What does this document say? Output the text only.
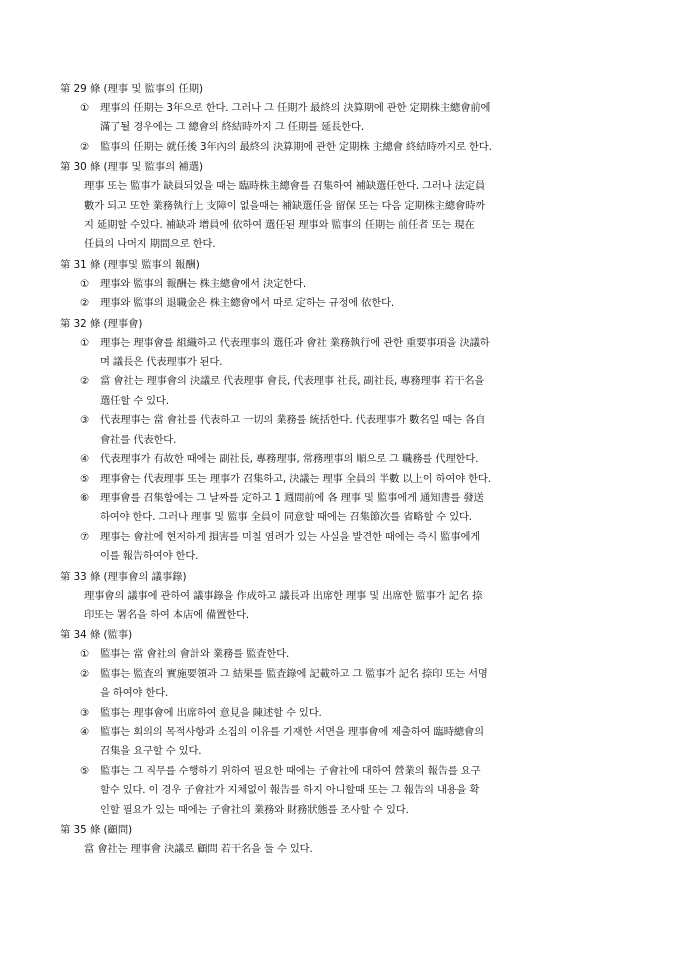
第 29 條 (理事 및 監事의 任期)
①	理事의 任期는 3年으로 한다. 그러나 그 任期가 最終의 決算期에 관한 定期株主總會前에
滿了될 경우에는 그 總會의 終結時까지 그 任期를 延長한다.
②	監事의 任期는 就任後 3年內의 最終의 決算期에 관한 定期株 主總會 終結時까지로 한다.
第 30 條 (理事 및 監事의 補選)
理事 또는 監事가 缺員되었을 때는 臨時株主總會를 召集하여 補缺選任한다. 그러나 法定員
數가 되고 또한 業務執行上 支障이 없을때는 補缺選任을 留保 또는 다음 定期株主總會時까
지 延期할 수있다. 補缺과 增員에 依하여 選任된 理事와 監事의 任期는 前任者 또는 現在
任員의 나머지 期間으로 한다.
第 31 條 (理事및 監事의 報酬)
①	理事와 監事의 報酬는 株主總會에서 決定한다.
②	理事와 監事의 退職金은 株主總會에서 따로 定하는 규정에 依한다.
第 32 條 (理事會)
①	理事는 理事會를 組織하고 代表理事의 選任과 會社 業務執行에 관한 重要事項을 決議하
며 議長은 代表理事가 된다.
②	當 會社는 理事會의 決議로 代表理事 會長, 代表理事 社長, 副社長, 專務理事 若干名을
選任할 수 있다.
③	代表理事는 當 會社를 代表하고 一切의 業務를 統括한다. 代表理事가 數名일 때는 各自
會社를 代表한다.
④	代表理事가 有故한 때에는 副社長, 專務理事, 常務理事의 順으로 그 職務를 代理한다.
⑤	理事會는 代表理事 또는 理事가 召集하고, 決議는 理事 全員의 半數 以上이 하여야 한다.
⑥	理事會를 召集함에는 그 날짜를 定하고 1 週間前에 各 理事 및 監事에게 通知書를 發送
하여야 한다. 그러나 理事 및 監事 全員이 同意할 때에는 召集節次를 省略할 수 있다.
⑦	理事는 會社에 현저하게 損害를 미칠 염려가 있는 사실을 발견한 때에는 즉시 監事에게
이를 報告하여야 한다.
第 33 條 (理事會의 議事錄)
理事會의 議事에 관하여 議事錄을 作成하고 議長과 出席한 理事 및 出席한 監事가 記名 捺
印또는 署名을 하여 本店에 備置한다.
第 34 條 (監事)
①	監事는 當 會社의 會計와 業務를 監査한다.
②	監事는 監査의 實施要領과 그 結果를 監査錄에 記載하고 그 監事가 記名 捺印 또는 서명
을 하여야 한다.
③	監事는 理事會에 出席하여 意見을 陳述할 수 있다.
④	監事는 회의의 목적사항과 소집의 이유를 기재한 서면을 理事會에 제출하여 臨時總會의
召集을 요구할 수 있다.
⑤	監事는 그 직무를 수행하기 위하여 필요한 때에는 子會社에 대하여 營業의 報告를 요구
할수 있다. 이 경우 子會社가 지체없이 報告를 하지 아니할때 또는 그 報告의 내용을 확
인할 필요가 있는 때에는 子會社의 業務와 財務狀態를 조사할 수 있다.
第 35 條 (顧問)
當 會社는 理事會 決議로 顧問 若干名을 둘 수 있다.
